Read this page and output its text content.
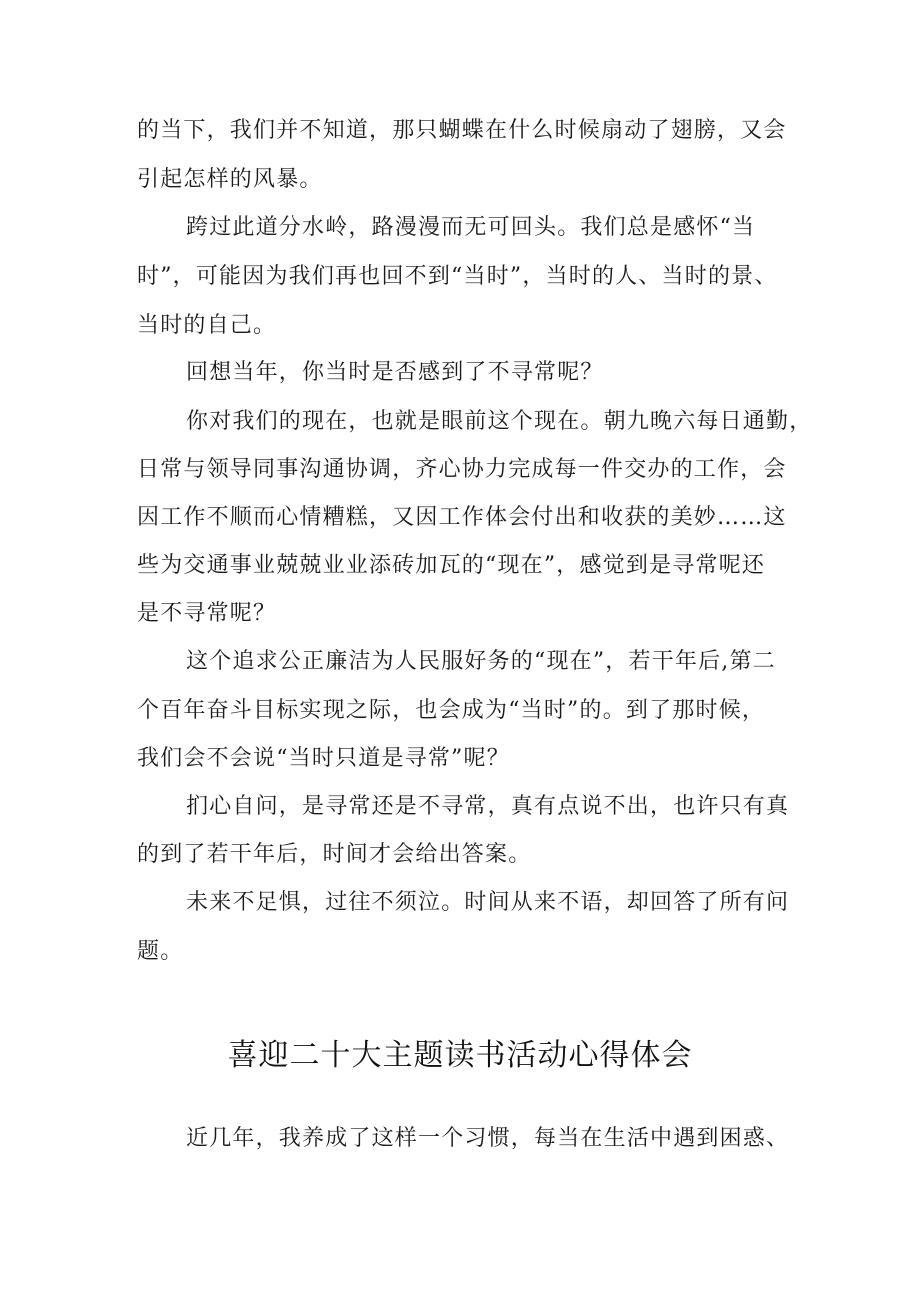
的当下，我们并不知道，那只蝴蝶在什么时候扇动了翅膀，又会
引起怎样的风暴。
跨过此道分水岭，路漫漫而无可回头。我们总是感怀“当
时”，可能因为我们再也回不到“当时”，当时的人、当时的景、
当时的自己。
回想当年，你当时是否感到了不寻常呢？
你对我们的现在，也就是眼前这个现在。朝九晚六每日通勤，
日常与领导同事沟通协调，齐心协力完成每一件交办的工作，会
因工作不顺而心情糟糕，又因工作体会付出和收获的美妙……这
些为交通事业兢兢业业添砖加瓦的“现在”，感觉到是寻常呢还
是不寻常呢？
这个追求公正廉洁为人民服好务的“现在”，若干年后,第二
个百年奋斗目标实现之际，也会成为“当时”的。到了那时候，
我们会不会说“当时只道是寻常”呢？
扪心自问，是寻常还是不寻常，真有点说不出，也许只有真
的到了若干年后，时间才会给出答案。
未来不足惧，过往不须泣。时间从来不语，却回答了所有问
题。
喜迎二十大主题读书活动心得体会
近几年，我养成了这样一个习惯，每当在生活中遇到困惑、
